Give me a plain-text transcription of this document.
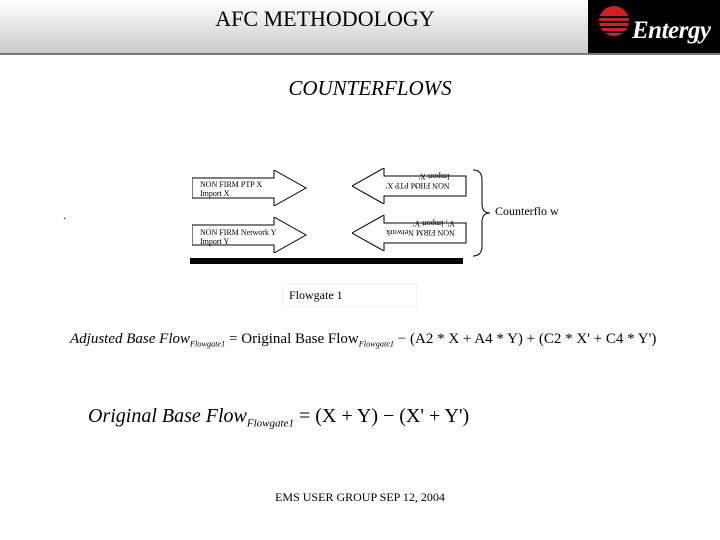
AFC METHODOLOGY	Entergy
COUNTERFLOWS
NON FIRM PTP X
Import X
NON FIRM Network Y
Import Y
NON FIRM PTP X'
Import X'
NON FIRM Network
Y', Import Y'
.	Counterflo w
Flowgate 1
Adjusted Base Flow$_{Flowgate1}$ = Original Base Flow$_{Flowgate1}$ − (A2 * X + A4 * Y) + (C2 * X' + C4 * Y')
Original Base Flow$_{Flowgate1}$ = (X + Y) − (X' + Y')
EMS USER GROUP SEP 12, 2004
